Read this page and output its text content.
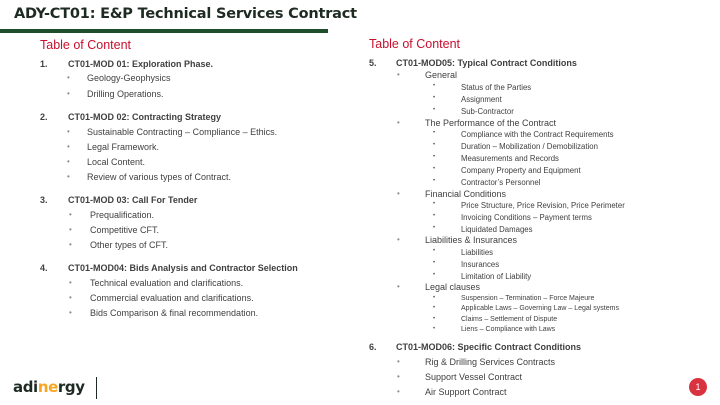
ADY-CT01: E&P Technical Services Contract
Table of Content
1. CT01-MOD 01: Exploration Phase.
• Geology-Geophysics
• Drilling Operations.
2. CT01-MOD 02: Contracting Strategy
• Sustainable Contracting – Compliance – Ethics.
• Legal Framework.
• Local Content.
• Review of various types of Contract.
3. CT01-MOD 03: Call For Tender
• Prequalification.
• Competitive CFT.
• Other types of CFT.
4. CT01-MOD04: Bids Analysis and Contractor Selection
• Technical evaluation and clarifications.
• Commercial evaluation and clarifications.
• Bids Comparison & final recommendation.
Table of Content
5. CT01-MOD05: Typical Contract Conditions
•	General
•	Status of the Parties
•	Assignment
•	Sub-Contractor
•	The Performance of the Contract
•	Compliance with the Contract Requirements
•	Duration – Mobilization / Demobilization
•	Measurements and Records
•	Company Property and Equipment
•	Contractor’s Personnel
•	Financial Conditions
•	Price Structure, Price Revision, Price Perimeter
•	Invoicing Conditions – Payment terms
•	Liquidated Damages
•	Liabilities & Insurances
•	Liabilities
•	Insurances
•	Limitation of Liability
•	Legal clauses
•	Suspension – Termination – Force Majeure
•	Applicable Laws – Governing Law – Legal systems
•	Claims – Settlement of Dispute
•	Liens – Compliance with Laws
6. CT01-MOD06: Specific Contract Conditions
•	Rig & Drilling Services Contracts
•	Support Vessel Contract
•	Air Support Contract
adinergy	1
